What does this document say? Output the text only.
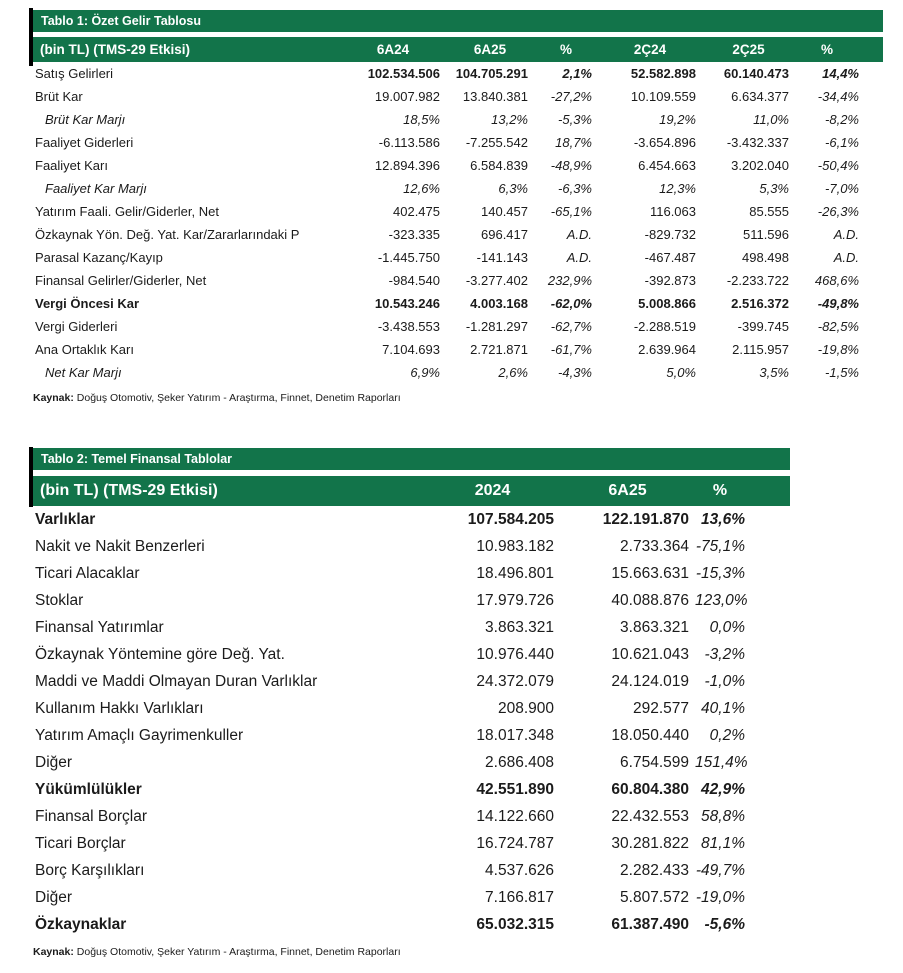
Tablo 1: Özet Gelir Tablosu
(bin TL) (TMS-29 Etkisi)	6A24	6A25	%	2Ç24	2Ç25	%
Satış Gelirleri	102.534.506	104.705.291	2,1%	52.582.898	60.140.473	14,4%
Brüt Kar	19.007.982	13.840.381	-27,2%	10.109.559	6.634.377	-34,4%
Brüt Kar Marjı	18,5%	13,2%	-5,3%	19,2%	11,0%	-8,2%
Faaliyet Giderleri	-6.113.586	-7.255.542	18,7%	-3.654.896	-3.432.337	-6,1%
Faaliyet Karı	12.894.396	6.584.839	-48,9%	6.454.663	3.202.040	-50,4%
Faaliyet Kar Marjı	12,6%	6,3%	-6,3%	12,3%	5,3%	-7,0%
Yatırım Faali. Gelir/Giderler, Net	402.475	140.457	-65,1%	116.063	85.555	-26,3%
Özkaynak Yön. Değ. Yat. Kar/Zararlarındaki P	-323.335	696.417	A.D.	-829.732	511.596	A.D.
Parasal Kazanç/Kayıp	-1.445.750	-141.143	A.D.	-467.487	498.498	A.D.
Finansal Gelirler/Giderler, Net	-984.540	-3.277.402	232,9%	-392.873	-2.233.722	468,6%
Vergi Öncesi Kar	10.543.246	4.003.168	-62,0%	5.008.866	2.516.372	-49,8%
Vergi Giderleri	-3.438.553	-1.281.297	-62,7%	-2.288.519	-399.745	-82,5%
Ana Ortaklık Karı	7.104.693	2.721.871	-61,7%	2.639.964	2.115.957	-19,8%
Net Kar Marjı	6,9%	2,6%	-4,3%	5,0%	3,5%	-1,5%

Kaynak: Doğuş Otomotiv, Şeker Yatırım - Araştırma, Finnet, Denetim Raporları

Tablo 2: Temel Finansal Tablolar
(bin TL) (TMS-29 Etkisi)	2024	6A25	%
Varlıklar	107.584.205	122.191.870	13,6%
Nakit ve Nakit Benzerleri	10.983.182	2.733.364	-75,1%
Ticari Alacaklar	18.496.801	15.663.631	-15,3%
Stoklar	17.979.726	40.088.876	123,0%
Finansal Yatırımlar	3.863.321	3.863.321	0,0%
Özkaynak Yöntemine göre Değ. Yat.	10.976.440	10.621.043	-3,2%
Maddi ve Maddi Olmayan Duran Varlıklar	24.372.079	24.124.019	-1,0%
Kullanım Hakkı Varlıkları	208.900	292.577	40,1%
Yatırım Amaçlı Gayrimenkuller	18.017.348	18.050.440	0,2%
Diğer	2.686.408	6.754.599	151,4%
Yükümlülükler	42.551.890	60.804.380	42,9%
Finansal Borçlar	14.122.660	22.432.553	58,8%
Ticari Borçlar	16.724.787	30.281.822	81,1%
Borç Karşılıkları	4.537.626	2.282.433	-49,7%
Diğer	7.166.817	5.807.572	-19,0%
Özkaynaklar	65.032.315	61.387.490	-5,6%

Kaynak: Doğuş Otomotiv, Şeker Yatırım - Araştırma, Finnet, Denetim Raporları
